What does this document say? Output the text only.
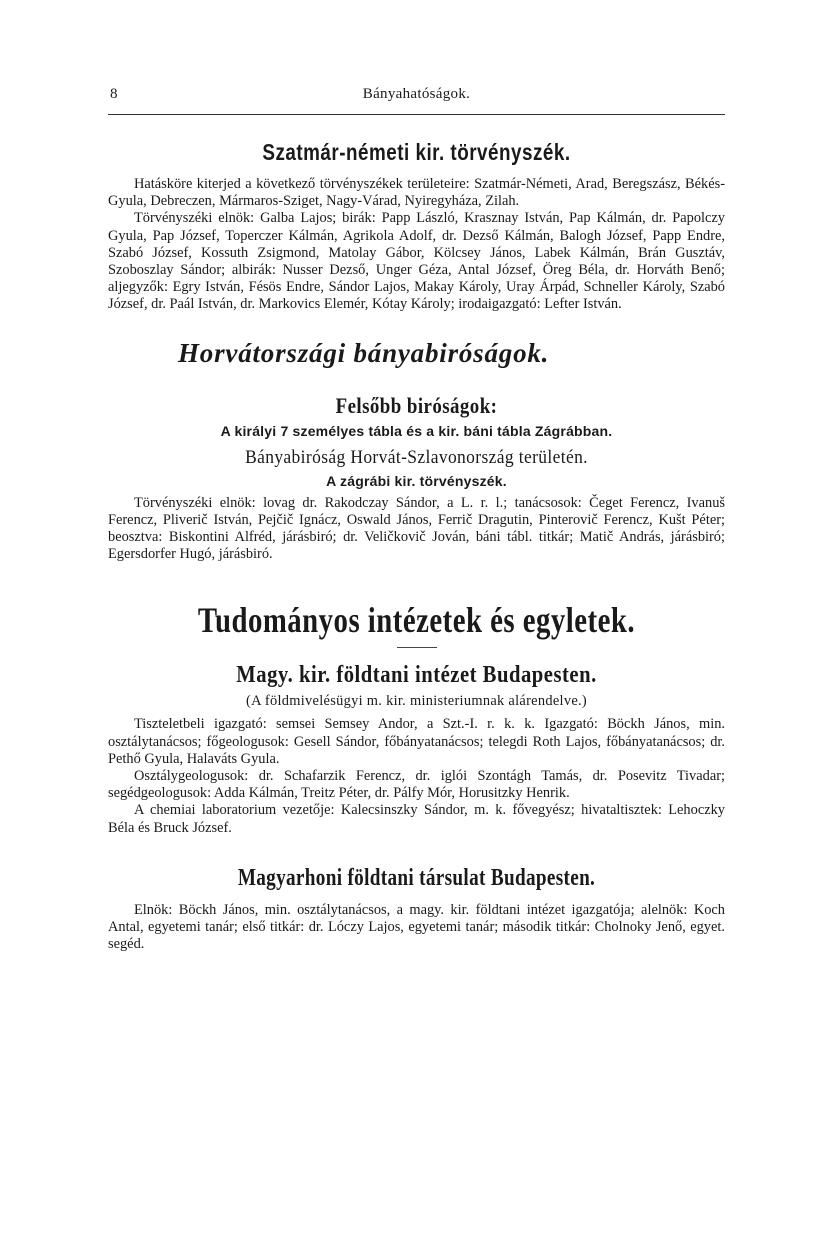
8	Bányahatóságok.
Szatmár-németi kir. törvényszék.

Hatásköre kiterjed a következő törvényszékek területeire: Szatmár-Németi, Arad, Beregszász, Békés-Gyula, Debreczen, Mármaros-Sziget, Nagy-Várad, Nyiregyháza, Zilah.

Törvényszéki elnök: Galba Lajos; birák: Papp László, Krasznay István, Pap Kálmán, dr. Papolczy Gyula, Pap József, Toperczer Kálmán, Agrikola Adolf, dr. Dezső Kálmán, Balogh József, Papp Endre, Szabó József, Kossuth Zsigmond, Matolay Gábor, Kölcsey János, Labek Kálmán, Brán Gusztáv, Szoboszlay Sándor; albirák: Nusser Dezső, Unger Géza, Antal József, Öreg Béla, dr. Horváth Benő; aljegyzők: Egry István, Fésös Endre, Sándor Lajos, Makay Károly, Uray Árpád, Schneller Károly, Szabó József, dr. Paál István, dr. Markovics Elemér, Kótay Károly; irodaigazgató: Lefter István.

Horvátországi bányabiróságok.
Felsőbb biróságok:
A királyi 7 személyes tábla és a kir. báni tábla Zágrábban.
Bányabiróság Horvát-Szlavonország területén.
A zágrábi kir. törvényszék.

Törvényszéki elnök: lovag dr. Rakodczay Sándor, a L. r. l.; tanácsosok: Čeget Ferencz, Ivanuš Ferencz, Pliverič István, Pejčič Ignácz, Oswald János, Ferrič Dragutin, Pinterovič Ferencz, Kušt Péter; beosztva: Biskontini Alfréd, járásbiró; dr. Veličkovič Jován, báni tábl. titkár; Matič András, járásbiró; Egersdorfer Hugó, járásbiró.

Tudományos intézetek és egyletek.
Magy. kir. földtani intézet Budapesten.
(A földmivelésügyi m. kir. ministeriumnak alárendelve.)

Tiszteletbeli igazgató: semsei Semsey Andor, a Szt.-I. r. k. k. Igazgató: Böckh János, min. osztálytanácsos; főgeologusok: Gesell Sándor, főbányatanácsos; telegdi Roth Lajos, főbányatanácsos; dr. Pethő Gyula, Halaváts Gyula.

Osztálygeologusok: dr. Schafarzik Ferencz, dr. iglói Szontágh Tamás, dr. Posevitz Tivadar; segédgeologusok: Adda Kálmán, Treitz Péter, dr. Pálfy Mór, Horusitzky Henrik.

A chemiai laboratorium vezetője: Kalecsinszky Sándor, m. k. fővegyész; hivataltisztek: Lehoczky Béla és Bruck József.

Magyarhoni földtani társulat Budapesten.

Elnök: Böckh János, min. osztálytanácsos, a magy. kir. földtani intézet igazgatója; alelnök: Koch Antal, egyetemi tanár; első titkár: dr. Lóczy Lajos, egyetemi tanár; második titkár: Cholnoky Jenő, egyet. segéd.
